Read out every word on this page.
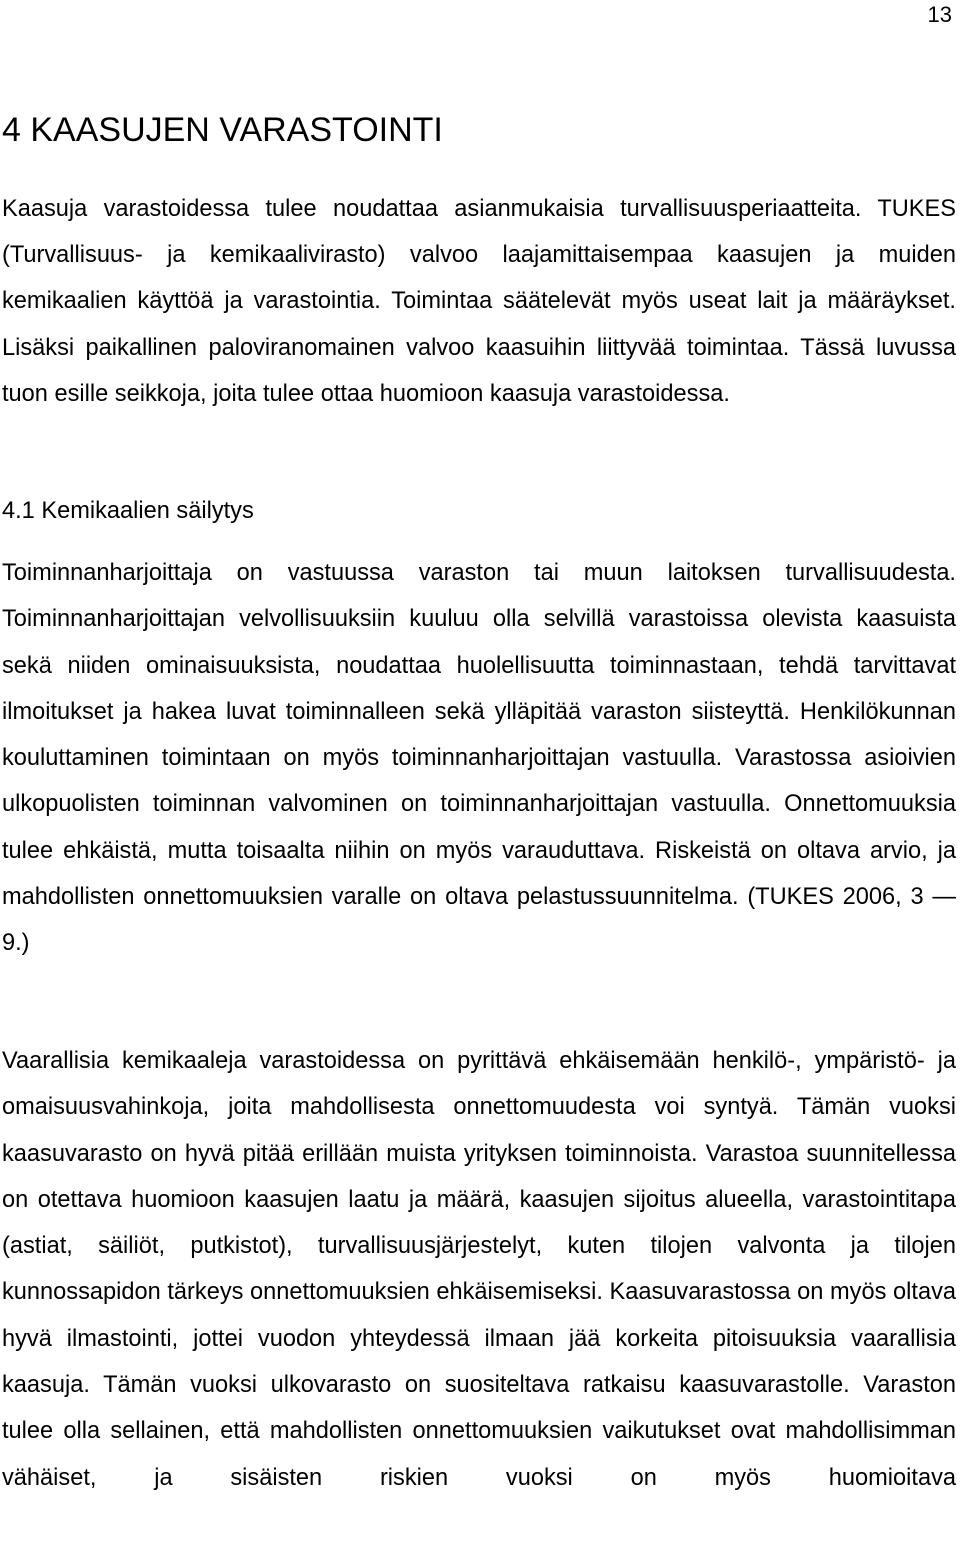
13
4 KAASUJEN VARASTOINTI

Kaasuja varastoidessa tulee noudattaa asianmukaisia turvallisuusperiaatteita. TUKES (Turvallisuus- ja kemikaalivirasto) valvoo laajamittaisempaa kaasujen ja muiden kemikaalien käyttöä ja varastointia. Toimintaa säätelevät myös useat lait ja määräykset. Lisäksi paikallinen paloviranomainen valvoo kaasuihin liittyvää toimintaa. Tässä luvussa tuon esille seikkoja, joita tulee ottaa huomioon kaasuja varastoidessa.

4.1 Kemikaalien säilytys

Toiminnanharjoittaja on vastuussa varaston tai muun laitoksen turvallisuudesta. Toiminnanharjoittajan velvollisuuksiin kuuluu olla selvillä varastoissa olevista kaasuista sekä niiden ominaisuuksista, noudattaa huolellisuutta toiminnastaan, tehdä tarvittavat ilmoitukset ja hakea luvat toiminnalleen sekä ylläpitää varaston siisteyttä. Henkilökunnan kouluttaminen toimintaan on myös toiminnanharjoittajan vastuulla. Varastossa asioivien ulkopuolisten toiminnan valvominen on toiminnanharjoittajan vastuulla. Onnettomuuksia tulee ehkäistä, mutta toisaalta niihin on myös varauduttava. Riskeistä on oltava arvio, ja mahdollisten onnettomuuksien varalle on oltava pelastussuunnitelma. (TUKES 2006, 3 —9.)

Vaarallisia kemikaaleja varastoidessa on pyrittävä ehkäisemään henkilö-, ympäristö- ja omaisuusvahinkoja, joita mahdollisesta onnettomuudesta voi syntyä. Tämän vuoksi kaasuvarasto on hyvä pitää erillään muista yrityksen toiminnoista. Varastoa suunnitellessa on otettava huomioon kaasujen laatu ja määrä, kaasujen sijoitus alueella, varastointitapa (astiat, säiliöt, putkistot), turvallisuusjärjestelyt, kuten tilojen valvonta ja tilojen kunnossapidon tärkeys onnettomuuksien ehkäisemiseksi. Kaasuvarastossa on myös oltava hyvä ilmastointi, jottei vuodon yhteydessä ilmaan jää korkeita pitoisuuksia vaarallisia kaasuja. Tämän vuoksi ulkovarasto on suositeltava ratkaisu kaasuvarastolle. Varaston tulee olla sellainen, että mahdollisten onnettomuuksien vaikutukset ovat mahdollisimman vähäiset, ja sisäisten riskien vuoksi on myös huomioitava
